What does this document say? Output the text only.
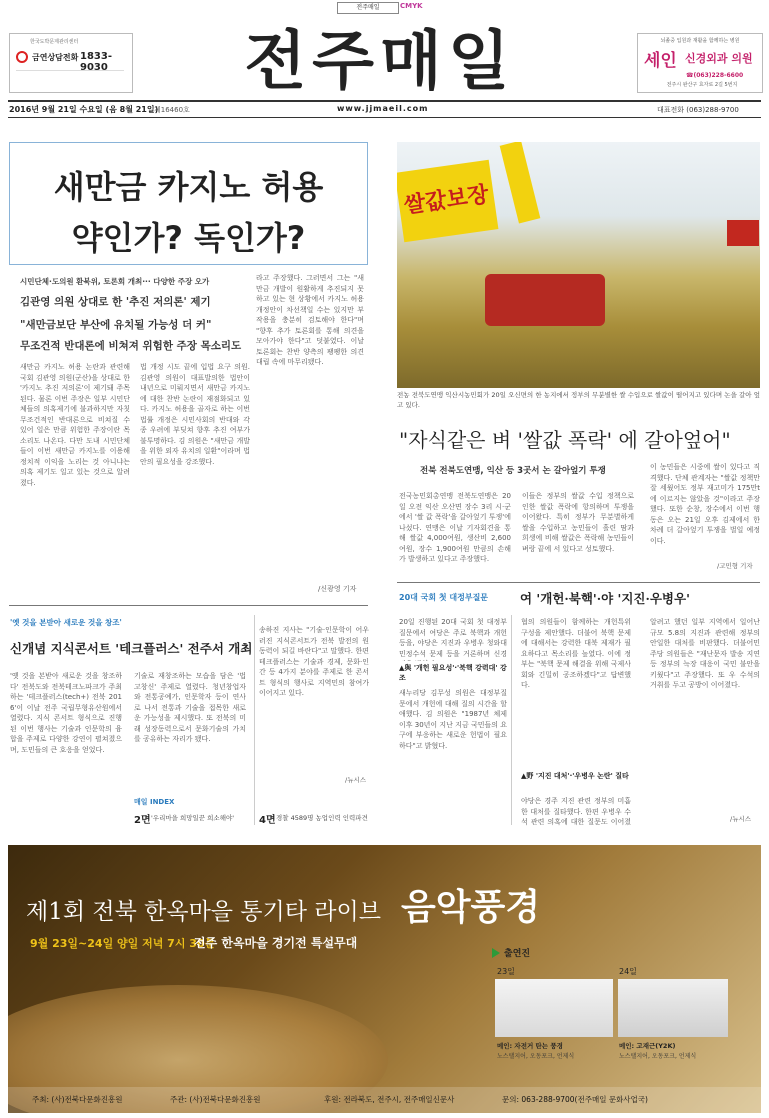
전주매일	CMYK
한국도박문제관리센터
금연상담전화 1833-9030	전주매일	뇌졸중 입원과 재활을 함께하는 병원
세인 신경외과 의원
☎(063)228-6600
전주시 완산구 효자로 2길 5번지
2016년 9월 21일 수요일 (음 8월 21일)
제16460호	www.jjmaeil.com	대표전화 (063)288-9700
새만금 카지노 허용
약인가? 독인가?
시민단체·도의원 환북위, 토론회 개최··· 다양한 주장 오가
김관영 의원 상대로 한 '추진 저의론' 제기
"새만금보단 부산에 유치될 가능성 더 커"
무조건적 반대론에 비쳐져 위험한 주장 목소리도
새만금 카지노 허용 논란과 관련해 국회 김관영 의원(군산)을 상대로 한 '카지노 추진 저의론'이 제기돼 주목된다. 물론 이번 주장은 일부 시민단체들의 의혹제기에 불과하지만 자칫 무조건적인 반대론으로 비쳐질 수 있어 일은 만큼 위험한 주장이란 목소리도 나온다. 다만 도내 시민단체들이 이번 새만금 카지노를 이용해 정치적 이익을 노리는 것 아니냐는 의혹 제기도 일고 있는 것으로 알려졌다.
법 개정 시도 끝에 입법 요구 의원. 김관영 의원이 대표발의한 법안이 내년으로 미뤄지면서 새만금 카지노에 대한 찬반 논란이 재점화되고 있다. 카지노 허용을 골자로 하는 이번 법률 개정은 시민사회의 반대와 각종 우려에 부딪쳐 향후 추진 여부가 불투명하다. 김 의원은 "새만금 개발을 위한 외자 유치의 일환"이라며 법안의 필요성을 강조했다.
라고 주장했다. 그러면서 그는 "새만금 개발이 원활하게 추진되지 못하고 있는 현 상황에서 카지노 허용 개정안이 차선책일 수는 있지만 부작용을 충분히 검토해야 한다"며 "향후 추가 토론회를 통해 의견을 모아가야 한다"고 덧붙였다. 이날 토론회는 찬반 양측의 팽팽한 의견 대립 속에 마무리됐다.
/신광영 기자
쌀값보장
전농 전북도연맹 익산시농민회가 20일 오신면의 한 농지에서 정부의 무분별한 쌀 수입으로 쌀값이 떨어지고 있다며 논을 갈아 엎고 있다.
"자식같은 벼 '쌀값 폭락' 에 갈아엎어"
전북 전북도연맹, 익산 등 3곳서 논 갈아엎기 투쟁
전국농민회총연맹 전북도연맹은 20일 오전 익산 오산면 장수 3리 시·군에서 '쌀 값 폭락'을 갈아엎기 투쟁'에 나섰다. 연맹은 이날 기자회견을 통해 쌀값 4,000여원, 생산비 2,600여원, 장수 1,900여원 만큼의 손해가 발생하고 있다고 주장했다.
이들은 정부의 쌀값 수입 정책으로 인한 쌀값 폭락에 항의하며 투쟁을 이어왔다. 특히 정부가 무분별하게 쌀을 수입하고 농민들이 흘린 땀과 희생에 비해 쌀값은 폭락해 농민들이 벼랑 끝에 서 있다고 성토했다.
이 농민들은 시중에 쌀이 있다고 직격했다. 단체 관계자는 "쌀값 정책만 잘 세웠어도 정부 재고미가 175만t에 이르지는 않았을 것"이라고 주장했다. 또한 순창, 장수에서 이번 행동은 오는 21일 오후 김제에서 한 차례 더 갈아엎기 투쟁을 벌일 예정이다.
/고민형 기자
'옛 것을 본받아 새로운 것을 창조'
신개념 지식콘서트 '테크플러스' 전주서 개최
'옛 것을 본받아 새로운 것을 창조하다' 전북도와 전북테크노파크가 주최하는 '테크플러스(tech+) 전북 2016'이 이날 전주 국립무형유산원에서 열렸다. 지식 콘서트 형식으로 진행된 이번 행사는 기술과 인문학의 융합을 주제로 다양한 강연이 펼쳐졌으며, 도민들의 큰 호응을 얻었다.
기술로 재창조하는 모습을 담은 '법고창신' 주제로 열렸다. 청년창업자와 전통공예가, 인문학자 등이 연사로 나서 전통과 기술을 접목한 새로운 가능성을 제시했다. 또 전북의 미래 성장동력으로서 문화기술의 가치를 공유하는 자리가 됐다.
송하진 지사는 "기술·인문학이 어우러진 지식콘서트가 전북 발전의 원동력이 되길 바란다"고 말했다. 한편 테크플러스는 기술과 경제, 문화·인간 등 4가지 분야를 주제로 한 콘서트 형식의 행사로 지역민의 참여가 이어지고 있다.
/뉴시스
매일 INDEX
2면 '우리마을 희망일꾼 희소해야' 4면 경찰 4589명 농업인력 인력파견
20대 국회 첫 대정부질문	여 '개헌·북핵'·야 '지진·우병우'
20일 진행된 20대 국회 첫 대정부질문에서 여당은 주로 북핵과 개헌 등을, 야당은 지진과 우병우 청와대 민정수석 문제 등을 거론하며 신경
▲與 '개헌 필요성'·'북핵 강력대' 강조
새누리당 김무성 의원은 대정부질문에서 개헌에 대해 질의 시간을 할애했다. 김 의원은 "1987년 체제 이후 30년이 지난 지금 국민들의 요구에 부응하는 새로운 헌법이 필요하다"고 밝혔다.
협의 의원들이 함께하는 개헌특위 구성을 제안했다. 더불어 북핵 문제에 대해서는 강력한 대북 제재가 필요하다고 목소리를 높였다. 이에 정부는 "북핵 문제 해결을 위해 국제사회와 긴밀히 공조하겠다"고 답변했다.
▲野 '지진 대처'·'우병우 논란' 질타
야당은 경주 지진 관련 정부의 미흡한 대처를 질타했다. 한편 우병우 수석 관련 의혹에 대한 질문도 이어졌
알려고 했던 일부 지역에서 일어난 규모 5.8의 지진과 관련해 정부의 안일한 대처를 비판했다. 더불어민주당 의원들은 "재난문자 발송 지연 등 정부의 늑장 대응이 국민 불안을 키웠다"고 주장했다. 또 우 수석의 거취를 두고 공방이 이어졌다.
/뉴시스
제1회 전북 한옥마을 통기타 라이브 음악풍경
9월 23일~24일 양일 저녁 7시 30분
전주 한옥마을 경기전 특설무대
출연진
23일	24일
메인: 자전거 탄는 풍경
노스탤지어, 오동포크, 언제식
메인: 고재근(Y2K)
노스탤지어, 오동포크, 언제식
주최: (사)전북다문화진흥원	주관: (사)전북다문화진흥원	후원: 전라북도, 전주시, 전주매일신문사	문의: 063-288-9700(전주매일 문화사업국)
